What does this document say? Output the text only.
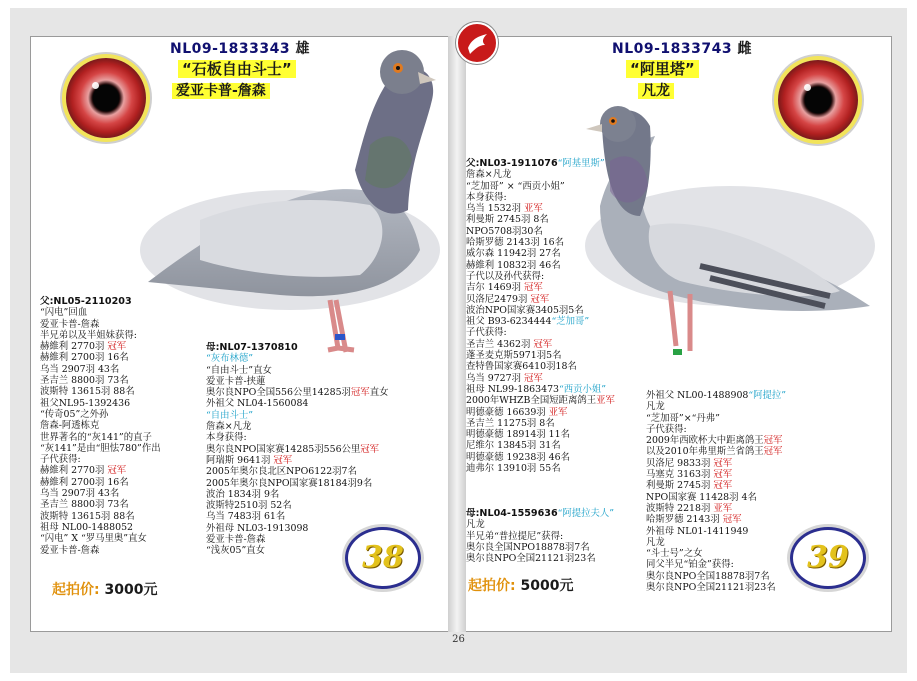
NL09-1833343 雄
“石板自由斗士”
爱亚卡普-詹森
NL09-1833743 雌
“阿里塔”
凡龙
父:NL05-2110203
“闪电”回血
爱亚卡普-詹森
半兄弟以及半姐妹获得:
赫維利 2770羽 冠军
赫維利 2700羽 16名
乌当 2907羽 43名
圣吉兰 8800羽 73名
波斯特 13615羽 88名
祖父NL95-1392436
“传奇05”之外孙
詹森-阿透栋克
世界著名的“灰141”的直子
“灰141”是由“胆怯780”作出
子代获得:
赫維利 2770羽 冠军
赫維利 2700羽 16名
乌当 2907羽 43名
圣吉兰 8800羽 73名
波斯特 13615羽 88名
祖母 NL00-1488052
“闪电” X “罗马里奥”直女
爱亚卡普-詹森
母:NL07-1370810
“灰布林德”
“自由斗士”直女
爱亚卡普-挟蓮
奥尔良NPO全国556公里14285羽冠军直女
外祖父 NL04-1560084
“自由斗士”
詹森×凡龙
本身获得:
奥尔良NPO国家赛14285羽556公里冠军
阿瑞斯 9641羽 冠军
2005年奥尔良北区NPO6122羽7名
2005年奥尔良NPO国家赛18184羽9名
波治 1834羽 9名
波斯特2510羽 52名
乌当 7483羽 61名
外祖母 NL03-1913098
爱亚卡普-詹森
“浅灰05”直女
父:NL03-1911076“阿基里斯”
詹森×凡龙
“芝加哥” × “西贡小姐”
本身获得:
乌当 1532羽 亚军
利曼斯 2745羽 8名
NPO5708羽30名
哈斯罗德 2143羽 16名
威尔森 11942羽 27名
赫維利 10832羽 46名
子代以及孙代获得:
吉尔 1469羽 冠军
贝洛尼2479羽 冠军
波治NPO国家赛3405羽5名
祖父 B93-6234444“芝加哥”
子代获得:
圣吉兰 4362羽 冠军
蓬圣麦克斯5971羽5名
查特鲁国家赛6410羽18名
乌当 9727羽 冠军
祖母 NL99-1863473“西贡小姐”
2000年WHZB全国短距离鸽王亚军
明德豪德 16639羽 亚军
圣吉兰 11275羽 8名
明德豪德 18914羽 11名
尼维尔 13845羽 31名
明德豪德 19238羽 46名
迪弗尔 13910羽 55名
母:NL04-1559636“阿提拉夫人”
凡龙
半兄弟“普拉提尼”获得:
奥尔良全国NPO18878羽7名
奥尔良NPO全国21121羽23名
外祖父 NL00-1488908“阿提拉”
凡龙
“芝加哥”×“丹弗”
子代获得:
2009年西欧杯大中距离鸽王冠军
以及2010年弗里斯兰省鸽王冠军
贝洛尼 9833羽 冠军
马塞克 3163羽 冠军
利曼斯 2745羽 冠军
NPO国家赛 11428羽 4名
波斯特 2218羽 亚军
哈斯罗德 2143羽 冠军
外祖母 NL01-1411949
凡龙
“斗士号”之女
同父半兄“铂金”获得:
奥尔良NPO全国18878羽7名
奥尔良NPO全国21121羽23名
38	39
起拍价: 3000元	起拍价: 5000元
26
